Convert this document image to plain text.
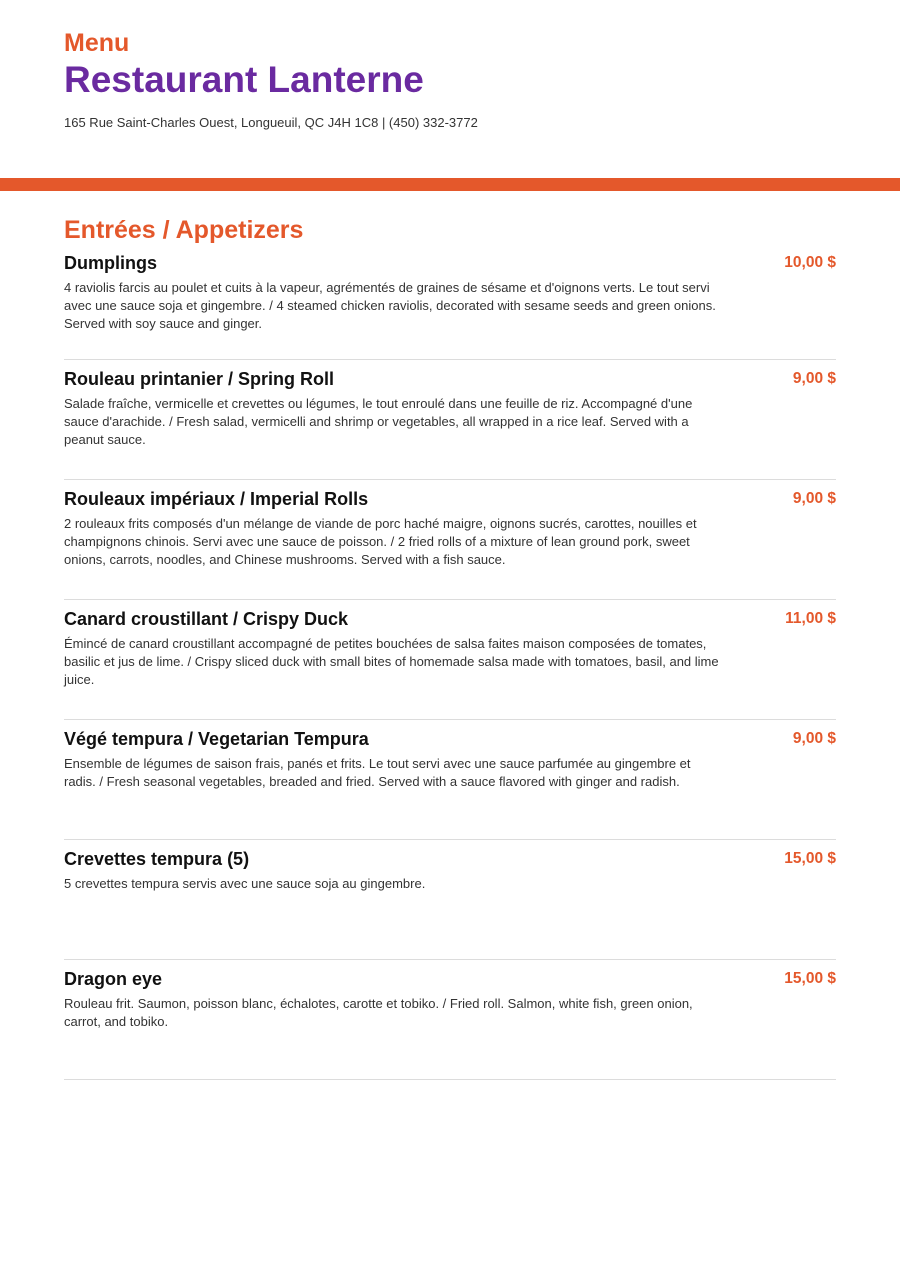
Menu
Restaurant Lanterne
165 Rue Saint-Charles Ouest, Longueuil, QC J4H 1C8 | (450) 332-3772
Entrées / Appetizers
Dumplings	10,00 $
4 raviolis farcis au poulet et cuits à la vapeur, agrémentés de graines de sésame et d'oignons verts. Le tout servi avec une sauce soja et gingembre. / 4 steamed chicken raviolis, decorated with sesame seeds and green onions. Served with soy sauce and ginger.
Rouleau printanier / Spring Roll	9,00 $
Salade fraîche, vermicelle et crevettes ou légumes, le tout enroulé dans une feuille de riz. Accompagné d'une sauce d'arachide. / Fresh salad, vermicelli and shrimp or vegetables, all wrapped in a rice leaf. Served with a peanut sauce.
Rouleaux impériaux / Imperial Rolls	9,00 $
2 rouleaux frits composés d'un mélange de viande de porc haché maigre, oignons sucrés, carottes, nouilles et champignons chinois. Servi avec une sauce de poisson. / 2 fried rolls of a mixture of lean ground pork, sweet onions, carrots, noodles, and Chinese mushrooms. Served with a fish sauce.
Canard croustillant / Crispy Duck	11,00 $
Émincé de canard croustillant accompagné de petites bouchées de salsa faites maison composées de tomates, basilic et jus de lime. / Crispy sliced duck with small bites of homemade salsa made with tomatoes, basil, and lime juice.
Végé tempura / Vegetarian Tempura	9,00 $
Ensemble de légumes de saison frais, panés et frits. Le tout servi avec une sauce parfumée au gingembre et radis. / Fresh seasonal vegetables, breaded and fried. Served with a sauce flavored with ginger and radish.
Crevettes tempura (5)	15,00 $
5 crevettes tempura servis avec une sauce soja au gingembre.
Dragon eye	15,00 $
Rouleau frit. Saumon, poisson blanc, échalotes, carotte et tobiko. / Fried roll. Salmon, white fish, green onion, carrot, and tobiko.
